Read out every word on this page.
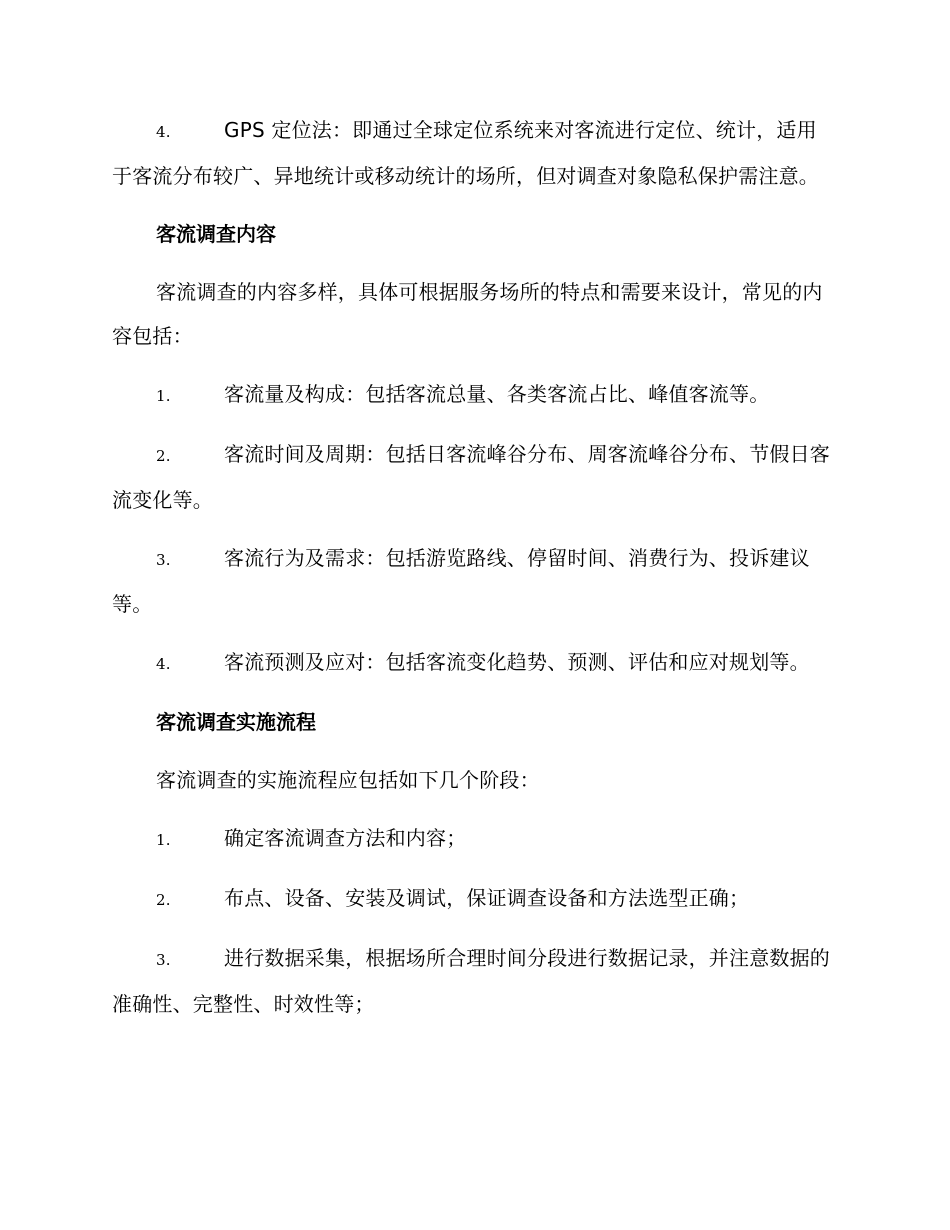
4.	GPS 定位法：即通过全球定位系统来对客流进行定位、统计，适用于客流分布较广、异地统计或移动统计的场所，但对调查对象隐私保护需注意。

客流调查内容

客流调查的内容多样，具体可根据服务场所的特点和需要来设计，常见的内容包括：

1.	客流量及构成：包括客流总量、各类客流占比、峰值客流等。

2.	客流时间及周期：包括日客流峰谷分布、周客流峰谷分布、节假日客流变化等。

3.	客流行为及需求：包括游览路线、停留时间、消费行为、投诉建议等。

4.	客流预测及应对：包括客流变化趋势、预测、评估和应对规划等。

客流调查实施流程

客流调查的实施流程应包括如下几个阶段：

1.	确定客流调查方法和内容；

2.	布点、设备、安装及调试，保证调查设备和方法选型正确；

3.	进行数据采集，根据场所合理时间分段进行数据记录，并注意数据的准确性、完整性、时效性等；
